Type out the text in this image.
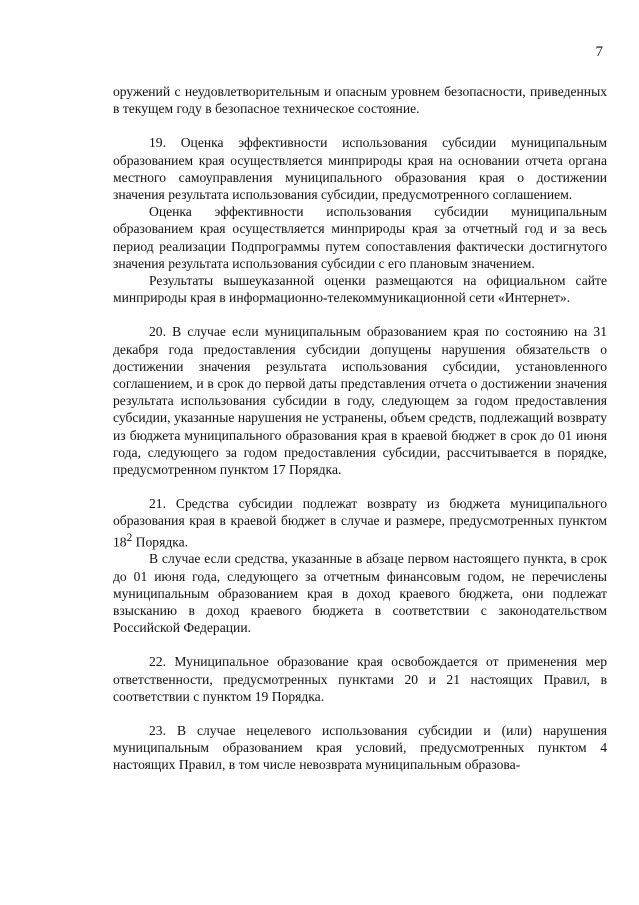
7

оружений с неудовлетворительным и опасным уровнем безопасности, приведенных в текущем году в безопасное техническое состояние.

19. Оценка эффективности использования субсидии муниципальным образованием края осуществляется минприроды края на основании отчета органа местного самоуправления муниципального образования края о достижении значения результата использования субсидии, предусмотренного соглашением.

Оценка эффективности использования субсидии муниципальным образованием края осуществляется минприроды края за отчетный год и за весь период реализации Подпрограммы путем сопоставления фактически достигнутого значения результата использования субсидии с его плановым значением.

Результаты вышеуказанной оценки размещаются на официальном сайте минприроды края в информационно-телекоммуникационной сети «Интернет».

20. В случае если муниципальным образованием края по состоянию на 31 декабря года предоставления субсидии допущены нарушения обязательств о достижении значения результата использования субсидии, установленного соглашением, и в срок до первой даты представления отчета о достижении значения результата использования субсидии в году, следующем за годом предоставления субсидии, указанные нарушения не устранены, объем средств, подлежащий возврату из бюджета муниципального образования края в краевой бюджет в срок до 01 июня года, следующего за годом предоставления субсидии, рассчитывается в порядке, предусмотренном пунктом 17 Порядка.

21. Средства субсидии подлежат возврату из бюджета муниципального образования края в краевой бюджет в случае и размере, предусмотренных пунктом $18^2$ Порядка.

В случае если средства, указанные в абзаце первом настоящего пункта, в срок до 01 июня года, следующего за отчетным финансовым годом, не перечислены муниципальным образованием края в доход краевого бюджета, они подлежат взысканию в доход краевого бюджета в соответствии с законодательством Российской Федерации.

22. Муниципальное образование края освобождается от применения мер ответственности, предусмотренных пунктами 20 и 21 настоящих Правил, в соответствии с пунктом 19 Порядка.

23. В случае нецелевого использования субсидии и (или) нарушения муниципальным образованием края условий, предусмотренных пунктом 4 настоящих Правил, в том числе невозврата муниципальным образова-
